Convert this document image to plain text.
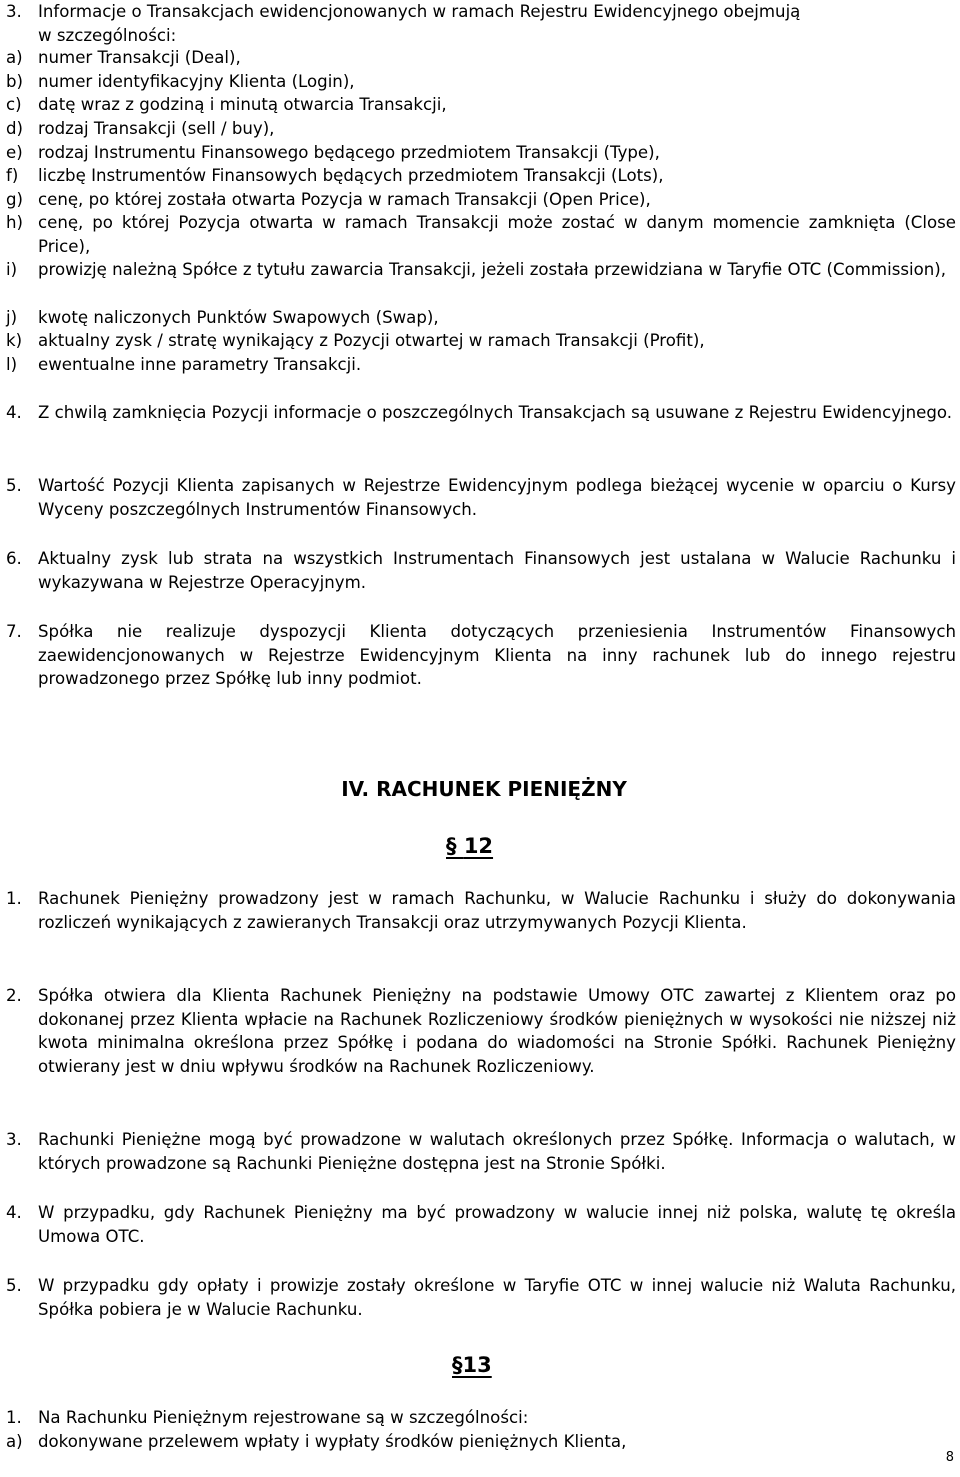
3. Informacje o Transakcjach ewidencjonowanych w ramach Rejestru Ewidencyjnego obejmują
w szczególności:
a) numer Transakcji (Deal),
b) numer identyfikacyjny Klienta (Login),
c) datę wraz z godziną i minutą otwarcia Transakcji,
d) rodzaj Transakcji (sell / buy),
e) rodzaj Instrumentu Finansowego będącego przedmiotem Transakcji (Type),
f) liczbę Instrumentów Finansowych będących przedmiotem Transakcji (Lots),
g) cenę, po której została otwarta Pozycja w ramach Transakcji (Open Price),
h) cenę, po której Pozycja otwarta w ramach Transakcji może zostać w danym momencie zamknięta (Close Price),
i) prowizję należną Spółce z tytułu zawarcia Transakcji, jeżeli została przewidziana w Taryfie OTC (Commission),
j) kwotę naliczonych Punktów Swapowych (Swap),
k) aktualny zysk / stratę wynikający z Pozycji otwartej w ramach Transakcji (Profit),
l) ewentualne inne parametry Transakcji.
4. Z chwilą zamknięcia Pozycji informacje o poszczególnych Transakcjach są usuwane z Rejestru Ewidencyjnego.
5. Wartość Pozycji Klienta zapisanych w Rejestrze Ewidencyjnym podlega bieżącej wycenie w oparciu o Kursy Wyceny poszczególnych Instrumentów Finansowych.
6. Aktualny zysk lub strata na wszystkich Instrumentach Finansowych jest ustalana w Walucie Rachunku i wykazywana w Rejestrze Operacyjnym.
7. Spółka nie realizuje dyspozycji Klienta dotyczących przeniesienia Instrumentów Finansowych zaewidencjonowanych w Rejestrze Ewidencyjnym Klienta na inny rachunek lub do innego rejestru prowadzonego przez Spółkę lub inny podmiot.
IV. RACHUNEK PIENIĘŻNY
§ 12
1. Rachunek Pieniężny prowadzony jest w ramach Rachunku, w Walucie Rachunku i służy do dokonywania rozliczeń wynikających z zawieranych Transakcji oraz utrzymywanych Pozycji Klienta.
2. Spółka otwiera dla Klienta Rachunek Pieniężny na podstawie Umowy OTC zawartej z Klientem oraz po dokonanej przez Klienta wpłacie na Rachunek Rozliczeniowy środków pieniężnych w wysokości nie niższej niż kwota minimalna określona przez Spółkę i podana do wiadomości na Stronie Spółki. Rachunek Pieniężny otwierany jest w dniu wpływu środków na Rachunek Rozliczeniowy.
3. Rachunki Pieniężne mogą być prowadzone w walutach określonych przez Spółkę. Informacja o walutach, w których prowadzone są Rachunki Pieniężne dostępna jest na Stronie Spółki.
4. W przypadku, gdy Rachunek Pieniężny ma być prowadzony w walucie innej niż polska, walutę tę określa Umowa OTC.
5. W przypadku gdy opłaty i prowizje zostały określone w Taryfie OTC w innej walucie niż Waluta Rachunku, Spółka pobiera je w Walucie Rachunku.
§13
1. Na Rachunku Pieniężnym rejestrowane są w szczególności:
a) dokonywane przelewem wpłaty i wypłaty środków pieniężnych Klienta,
8
